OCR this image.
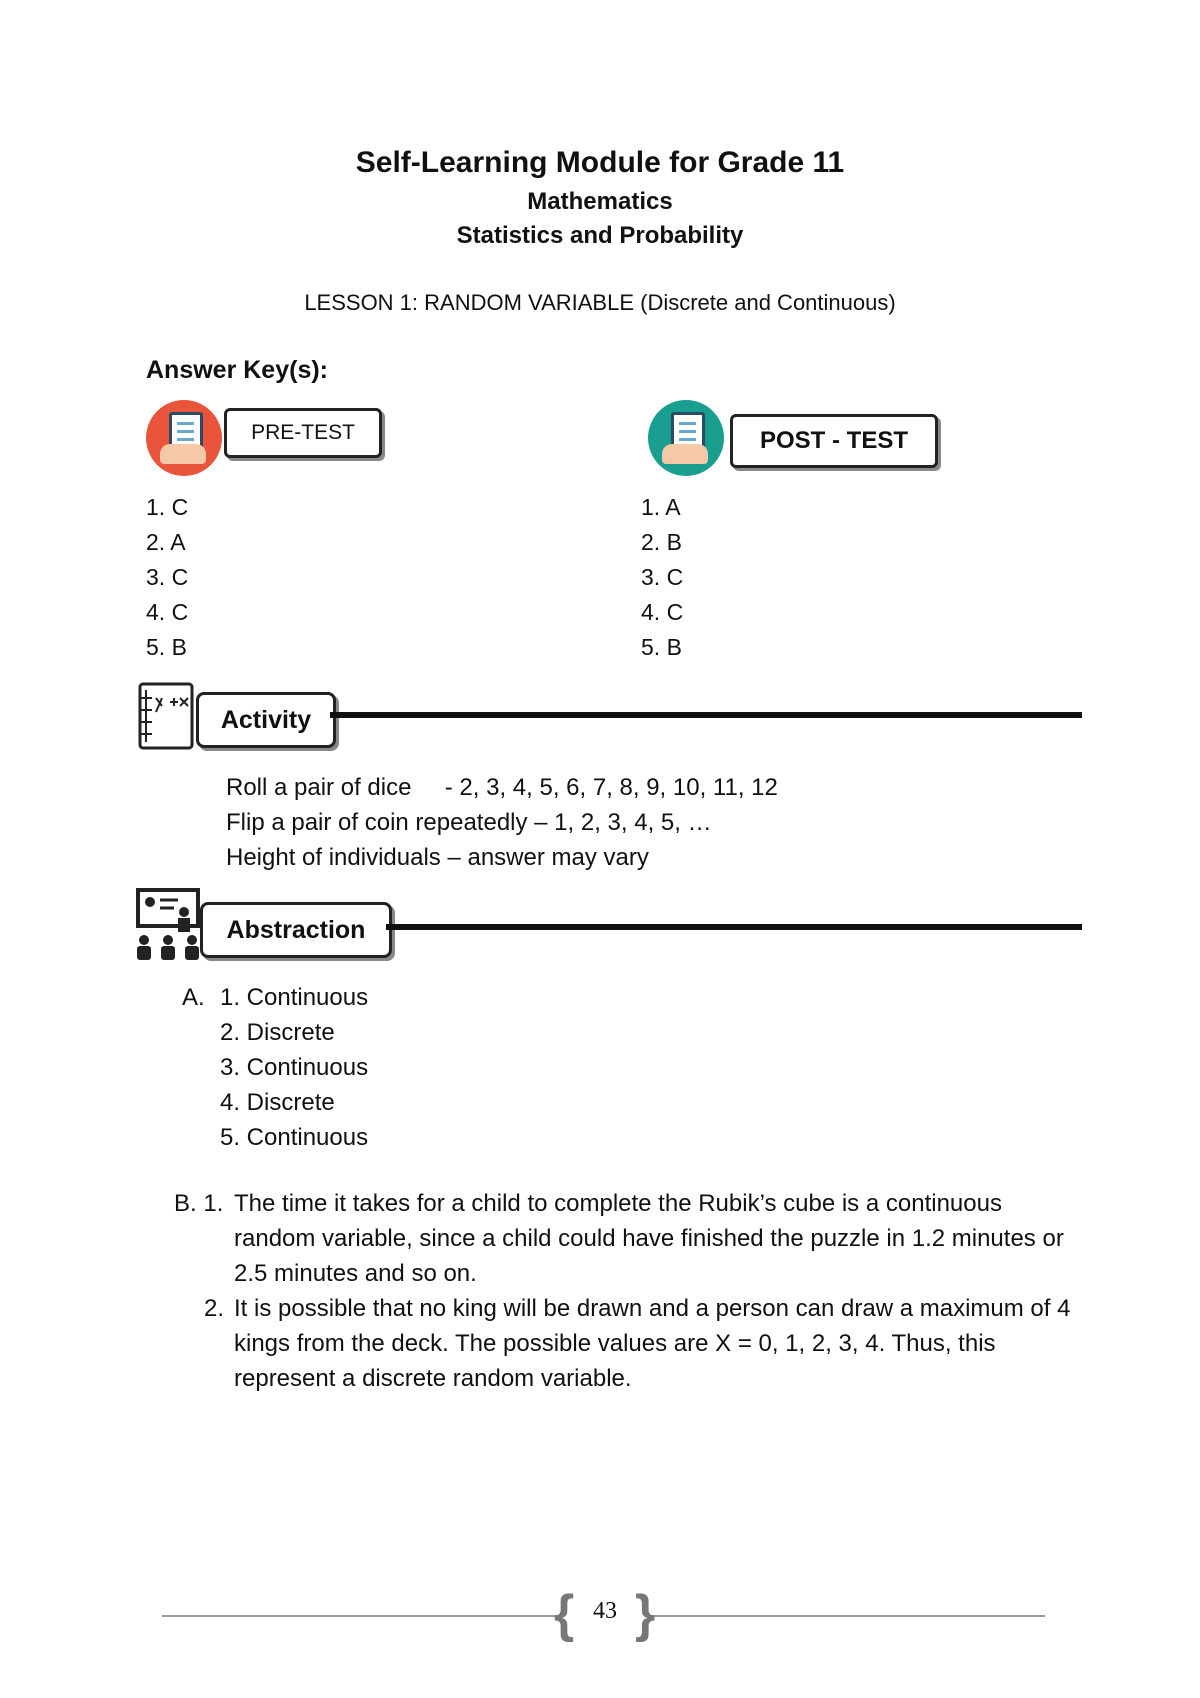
Self-Learning Module for Grade 11
Mathematics
Statistics and Probability
LESSON 1: RANDOM VARIABLE (Discrete and Continuous)
Answer Key(s):
PRE-TEST
1. C
2. A
3. C
4. C
5. B
POST - TEST
1. A
2. B
3. C
4. C
5. B
Activity
Roll a pair of dice     - 2, 3, 4, 5, 6, 7, 8, 9, 10, 11, 12
Flip a pair of coin repeatedly – 1, 2, 3, 4, 5, …
Height of individuals – answer may vary
Abstraction
A. 1. Continuous
2. Discrete
3. Continuous
4. Discrete
5. Continuous
B. 1. The time it takes for a child to complete the Rubik’s cube is a continuous random variable, since a child could have finished the puzzle in 1.2 minutes or 2.5 minutes and so on.
2. It is possible that no king will be drawn and a person can draw a maximum of 4 kings from the deck. The possible values are X = 0, 1, 2, 3, 4. Thus, this represent a discrete random variable.
{ }
43
